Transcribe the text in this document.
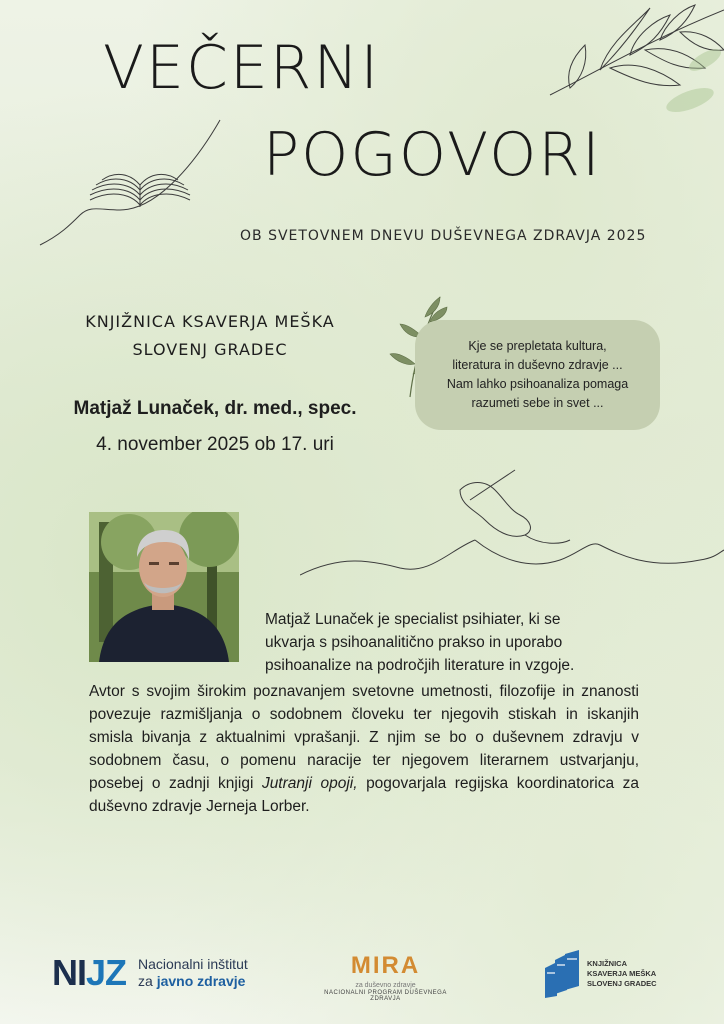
VEČERNI
POGOVORI
OB SVETOVNEM DNEVU DUŠEVNEGA ZDRAVJA 2025
KNJIŽNICA KSAVERJA MEŠKA
SLOVENJ GRADEC
Matjaž Lunaček, dr. med., spec.
4. november 2025 ob 17. uri
Kje se prepletata kultura,
literatura in duševno zdravje ...
Nam lahko psihoanaliza pomaga
razumeti sebe in svet ...
Matjaž Lunaček je specialist psihiater, ki se
ukvarja s psihoanalitično prakso in uporabo
psihoanalize na področjih literature in vzgoje.
Avtor s svojim širokim poznavanjem svetovne umetnosti, filozofije in znanosti povezuje razmišljanja o sodobnem človeku ter njegovih stiskah in iskanjih smisla bivanja z aktualnimi vprašanji. Z njim se bo o duševnem zdravju v sodobnem času, o pomenu naracije ter njegovem literarnem ustvarjanju, posebej o zadnji knjigi Jutranji opoji, pogovarjala regijska koordinatorica za duševno zdravje Jerneja Lorber.
NIJZ Nacionalni inštitut
za javno zdravje
MIRA
za duševno zdravje
NACIONALNI PROGRAM DUŠEVNEGA ZDRAVJA
KNJIŽNICA
KSAVERJA MEŠKA
SLOVENJ GRADEC
